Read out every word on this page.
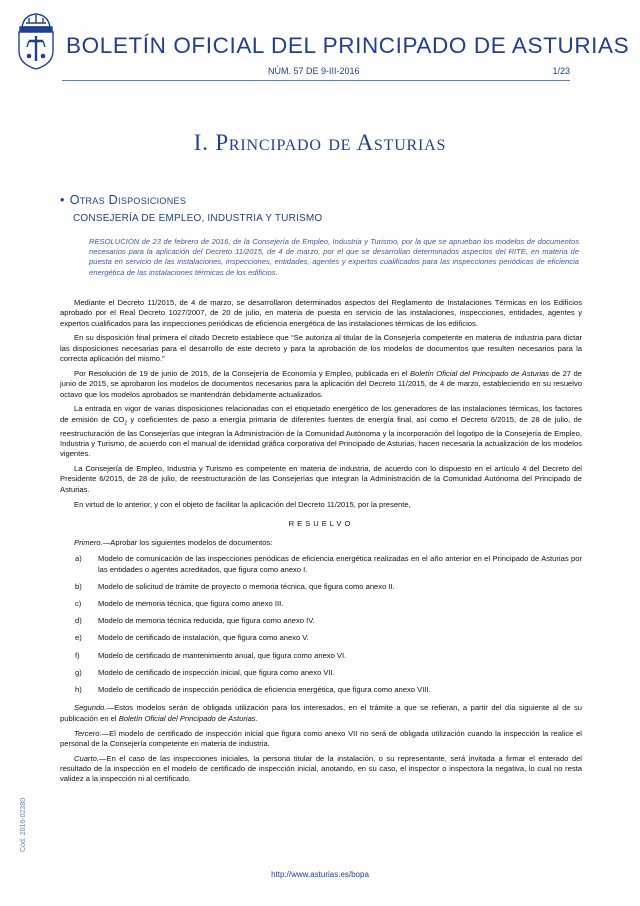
BOLETÍN OFICIAL DEL PRINCIPADO DE ASTURIAS
NÚM. 57 DE 9-III-2016	1/23
I. Principado de Asturias
• Otras Disposiciones
CONSEJERÍA DE EMPLEO, INDUSTRIA Y TURISMO

RESOLUCIÓN de 23 de febrero de 2016, de la Consejería de Empleo, Industria y Turismo, por la que se aprueban los modelos de documentos necesarios para la aplicación del Decreto 11/2015, de 4 de marzo, por el que se desarrollan determinados aspectos del RITE, en materia de puesta en servicio de las instalaciones, inspecciones, entidades, agentes y expertos cualificados para las inspecciones periódicas de eficiencia energética de las instalaciones térmicas de los edificios.

Mediante el Decreto 11/2015, de 4 de marzo, se desarrollaron determinados aspectos del Reglamento de Instalaciones Térmicas en los Edificios aprobado por el Real Decreto 1027/2007, de 20 de julio, en materia de puesta en servicio de las instalaciones, inspecciones, entidades, agentes y expertos cualificados para las inspecciones periódicas de eficiencia energética de las instalaciones térmicas de los edificios.

En su disposición final primera el citado Decreto establece que “Se autoriza al titular de la Consejería competente en materia de industria para dictar las disposiciones necesarias para el desarrollo de este decreto y para la aprobación de los modelos de documentos que resulten necesarios para la correcta aplicación del mismo.”

Por Resolución de 19 de junio de 2015, de la Consejería de Economía y Empleo, publicada en el Boletín Oficial del Principado de Asturias de 27 de junio de 2015, se aprobaron los modelos de documentos necesarios para la aplicación del Decreto 11/2015, de 4 de marzo, estableciendo en su resuelvo octavo que los modelos aprobados se mantendrán debidamente actualizados.

La entrada en vigor de varias disposiciones relacionadas con el etiquetado energético de los generadores de las instalaciones térmicas, los factores de emisión de $CO_2$ y coeficientes de paso a energía primaria de diferentes fuentes de energía final, así como el Decreto 6/2015, de 28 de julio, de reestructuración de las Consejerías que integran la Administración de la Comunidad Autónoma y la incorporación del logotipo de la Consejería de Empleo, Industria y Turismo, de acuerdo con el manual de identidad gráfica corporativa del Principado de Asturias, hacen necesaria la actualización de los modelos vigentes.

La Consejería de Empleo, Industria y Turismo es competente en materia de industria, de acuerdo con lo dispuesto en el artículo 4 del Decreto del Presidente 6/2015, de 28 de julio, de reestructuración de las Consejerías que integran la Administración de la Comunidad Autónoma del Principado de Asturias.

En virtud de lo anterior, y con el objeto de facilitar la aplicación del Decreto 11/2015, por la presente,

RESUELVO

Primero.—Aprobar los siguientes modelos de documentos:

a)	Modelo de comunicación de las inspecciones periódicas de eficiencia energética realizadas en el año anterior en el Principado de Asturias por las entidades o agentes acreditados, que figura como anexo I.
b)	Modelo de solicitud de trámite de proyecto o memoria técnica, que figura como anexo II.
c)	Modelo de memoria técnica, que figura como anexo III.
d)	Modelo de memoria técnica reducida, que figura como anexo IV.
e)	Modelo de certificado de instalación, que figura como anexo V.
f)	Modelo de certificado de mantenimiento anual, que figura como anexo VI.
g)	Modelo de certificado de inspección inicial, que figura como anexo VII.
h)	Modelo de certificado de inspección periódica de eficiencia energética, que figura como anexo VIII.

Segundo.—Estos modelos serán de obligada utilización para los interesados, en el trámite a que se refieran, a partir del día siguiente al de su publicación en el Boletín Oficial del Principado de Asturias.

Tercero.—El modelo de certificado de inspección inicial que figura como anexo VII no será de obligada utilización cuando la inspección la realice el personal de la Consejería competente en materia de industria.

Cuarto.—En el caso de las inspecciones iniciales, la persona titular de la instalación, o su representante, será invitada a firmar el enterado del resultado de la inspección en el modelo de certificado de inspección inicial, anotando, en su caso, el inspector o inspectora la negativa, lo cual no resta validez a la inspección ni al certificado.

Cód. 2016-02380
http://www.asturias.es/bopa
